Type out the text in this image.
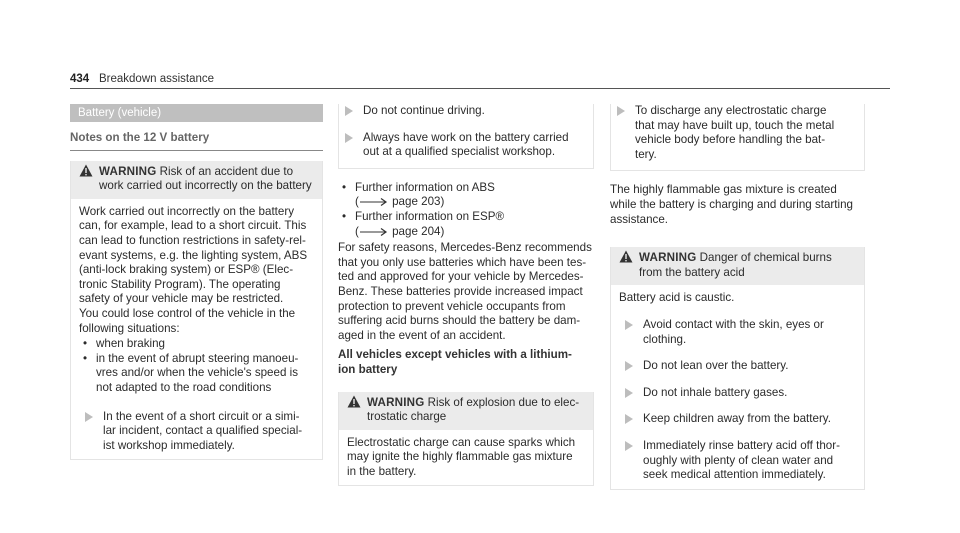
434 Breakdown assistance
Battery (vehicle)
Notes on the 12 V battery
WARNING Risk of an accident due to work carried out incorrectly on the battery
Work carried out incorrectly on the battery
can, for example, lead to a short circuit. This
can lead to function restrictions in safety-rel-
evant systems, e.g. the lighting system, ABS
(anti-lock braking system) or ESP® (Elec-
tronic Stability Program). The operating
safety of your vehicle may be restricted.
You could lose control of the vehicle in the
following situations:
• when braking
• in the event of abrupt steering manoeu-
vres and/or when the vehicle's speed is
not adapted to the road conditions
In the event of a short circuit or a simi-
lar incident, contact a qualified special-
ist workshop immediately.
Do not continue driving.
Always have work on the battery carried
out at a qualified specialist workshop.
• Further information on ABS
(	page 203)
• Further information on ESP®
(	page 204)
For safety reasons, Mercedes-Benz recommends
that you only use batteries which have been tes-
ted and approved for your vehicle by Mercedes-
Benz. These batteries provide increased impact
protection to prevent vehicle occupants from
suffering acid burns should the battery be dam-
aged in the event of an accident.
All vehicles except vehicles with a lithium-
ion battery
WARNING Risk of explosion due to elec-
trostatic charge
Electrostatic charge can cause sparks which
may ignite the highly flammable gas mixture
in the battery.
To discharge any electrostatic charge
that may have built up, touch the metal
vehicle body before handling the bat-
tery.
The highly flammable gas mixture is created
while the battery is charging and during starting
assistance.
WARNING Danger of chemical burns
from the battery acid
Battery acid is caustic.
Avoid contact with the skin, eyes or
clothing.
Do not lean over the battery.
Do not inhale battery gases.
Keep children away from the battery.
Immediately rinse battery acid off thor-
oughly with plenty of clean water and
seek medical attention immediately.
